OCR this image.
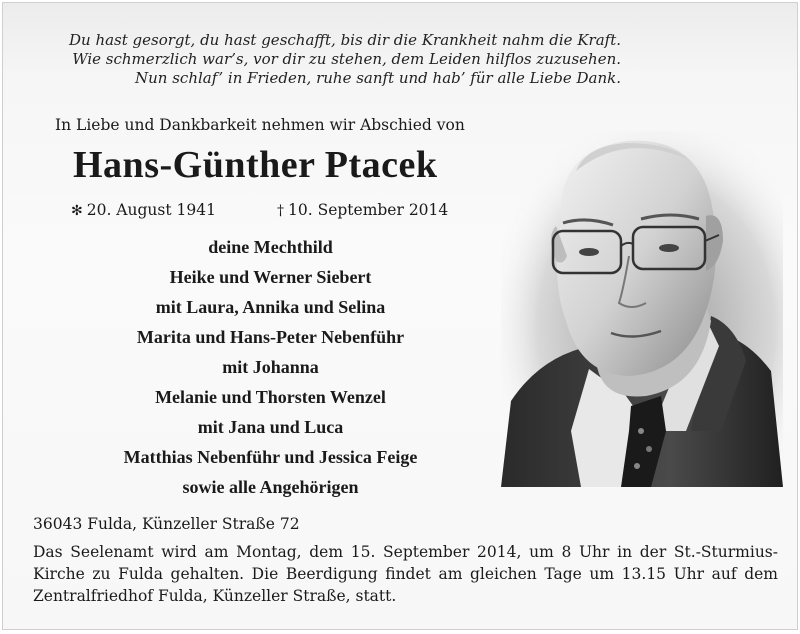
Du hast gesorgt, du hast geschafft, bis dir die Krankheit nahm die Kraft.
Wie schmerzlich war’s, vor dir zu stehen, dem Leiden hilflos zuzusehen.
Nun schlaf’ in Frieden, ruhe sanft und hab’ für alle Liebe Dank.
In Liebe und Dankbarkeit nehmen wir Abschied von
Hans-Günther Ptacek
✻ 20. August 1941	† 10. September 2014
deine Mechthild
Heike und Werner Siebert
mit Laura, Annika und Selina
Marita und Hans-Peter Nebenführ
mit Johanna
Melanie und Thorsten Wenzel
mit Jana und Luca
Matthias Nebenführ und Jessica Feige
sowie alle Angehörigen
36043 Fulda, Künzeller Straße 72
Das Seelenamt wird am Montag, dem 15. September 2014, um 8 Uhr in der St.-Sturmius-Kirche zu Fulda gehalten. Die Beerdigung findet am gleichen Tage um 13.15 Uhr auf dem Zentralfriedhof Fulda, Künzeller Straße, statt.
